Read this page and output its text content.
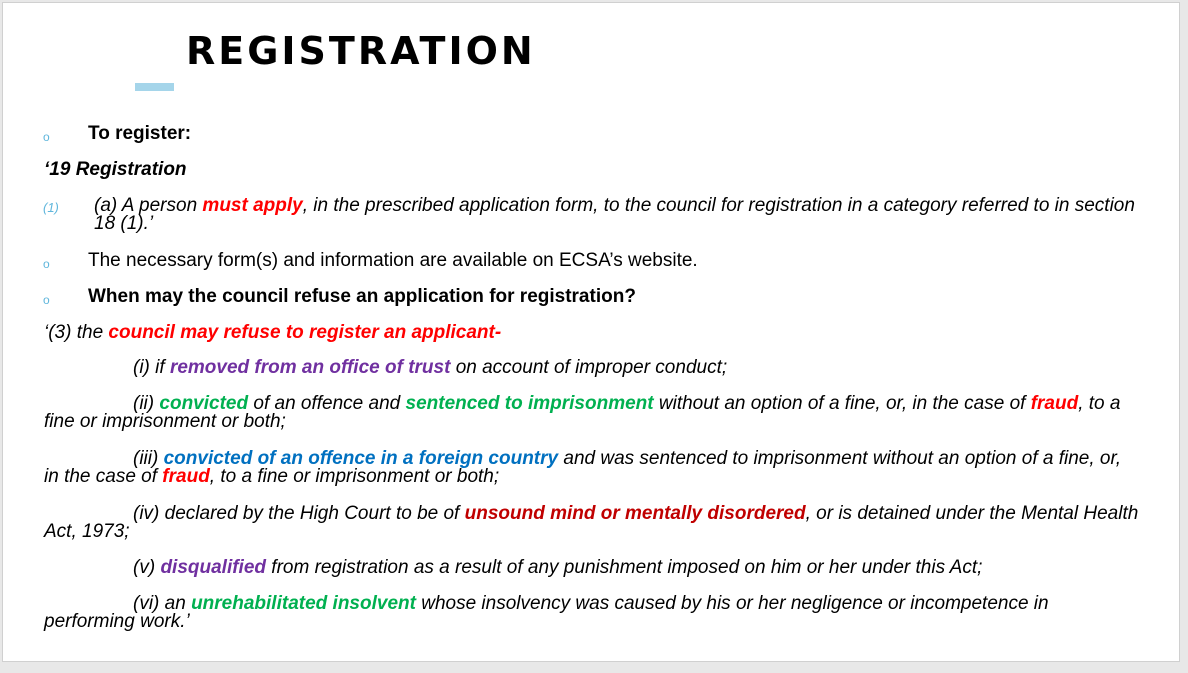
REGISTRATION
o To register:
‘19 Registration
(1) (a) A person must apply, in the prescribed application form, to the council for registration in a category referred to in section
18 (1).’
o The necessary form(s) and information are available on ECSA’s website.
o When may the council refuse an application for registration?
‘(3) the council may refuse to register an applicant-
(i) if removed from an office of trust on account of improper conduct;
(ii) convicted of an offence and sentenced to imprisonment without an option of a fine, or, in the case of fraud, to a
fine or imprisonment or both;
(iii) convicted of an offence in a foreign country and was sentenced to imprisonment without an option of a fine, or,
in the case of fraud, to a fine or imprisonment or both;
(iv) declared by the High Court to be of unsound mind or mentally disordered, or is detained under the Mental Health
Act, 1973;
(v) disqualified from registration as a result of any punishment imposed on him or her under this Act;
(vi) an unrehabilitated insolvent whose insolvency was caused by his or her negligence or incompetence in
performing work.’
